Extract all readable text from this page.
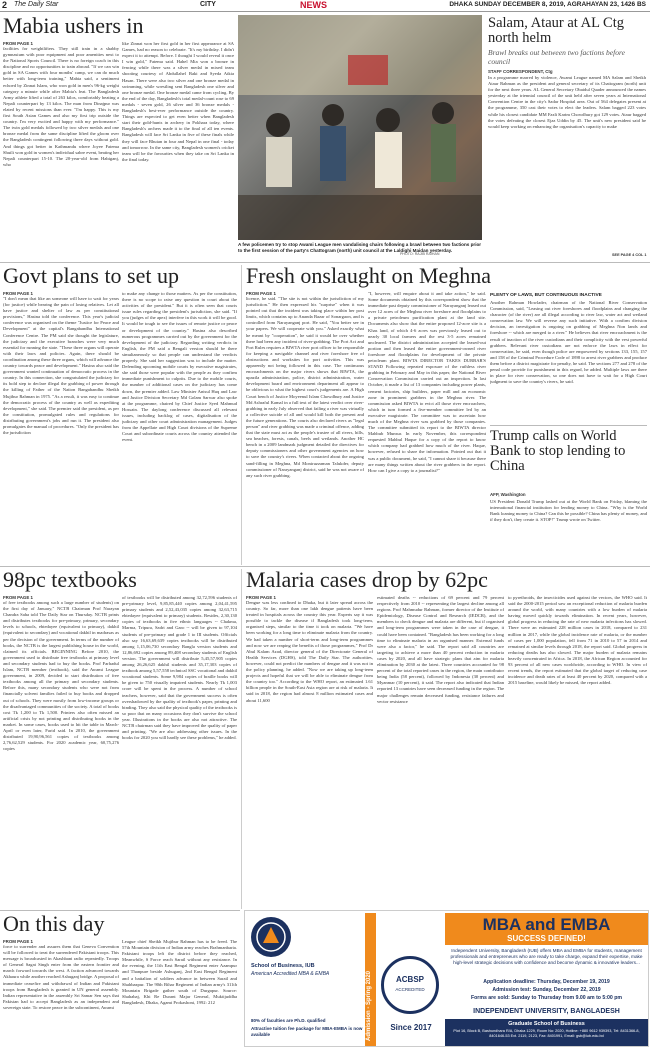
2 The Daily Star	CITY	NEWS	DHAKA SUNDAY DECEMBER 8, 2019, AGRAHAYAN 23, 1426 BS
Mabia ushers in
FROM PAGE 1
facilities for weightlifters. They still train in a shabby gymnasium with poor equipment and poor amenities next to the National Sports Council. There is no foreign coach in this discipline and no opportunities to train abroad. "If we can win gold in SA Games with four months' camp, we can do much better with long-term training," Mabia said, a sentiment echoed by Zinnat Islam, who won gold in men's 96-kg weight category a minute while after Mabia's feat. The Bangladesh Army athlete lifted a total of 263 kilos, comfortably beating a Nepali counterpart by 13 kilos. The man from Dinajpur was elated by recent missions than ever. "I'm happy. This is my first South Asian Games and also my first trip outside the country. I'm very excited and happy with my performance." The twin gold medals followed by two silver medals and one bronze medal from the same discipline lifted the gloom over the Bangladesh contingent following three days without gold. And things got better in Kathmandu where Joyee Fatema Shuili won gold in women's individual sabre event, beating her Nepali counterpart 15-10. The 20-year-old from Habiganj, who
like Zinnat won her first gold in her first appearance at SA Games, had no reason to celebrate. "It's my birthday. I didn't expect it to attempt. Before. I thought I would reveal it once I win gold," Fatema said. Hahel Mia won a bronze in fencing while there was a silver medal in mixed team shooting courtesy of Abdullahel Baki and Syeda Atkia Hasan. There were also two silver and one bronze medal in swimming, while wrestling sent Bangladesh one silver and one bronze medal. One bronze medal came from cycling. By the end of the day, Bangladesh's total medal-count rose to 69 medals - seven gold, 26 silver and 36 bronze medals - Bangladesh's best-ever performance outside the country. Things are expected to get even better when Bangladesh start their gold-hunts in archery in Pokhara today, where Bangladesh's archers made it to the final of all ten events. Bangladesh will face Sri Lanka in five of these finals while they will face Bhutan in four and Nepal in one final - today and tomorrow. In the same city, Bangladesh women's cricket team will be the favourites when they take on Sri Lanka in the final today.
A few policemen try to stop Awami League men vandalising chairs following a brawl between two factions prior to the first session of the party's Chattogram (north) unit council at the Laldighi Maidan yesterday.
PHOTO: RAJIB RAIHAN
Salam, Ataur at AL Ctg north helm
Brawl breaks out between two factions before council
STAFF CORRESPONDENT, Ctg
In a programme marred by violence, Awami League named MA Salam and Sheikh Ataur Rahman as the president and general secretary of its Chattogram (north) unit for the next three years. AL General Secretary Obaidul Quader announced the names yesterday at the triennial council of the unit held after seven years at International Convention Centre in the city's Sadar Hospital area. Out of 564 delegates present at the programme, 350 cast their votes to elect the leaders. Salam bagged 223 votes while his closest candidate MM Fazli Karim Chowdhury got 129 votes. Ataur bagged the votes defeating the closest Ejaz Uddin by 45. The unit's new president said he would keep working on enhancing the organisation's capacity to make
SEE PAGE 4 COL 1
Govt plans to set up
FROM PAGE 1
"I don't mean that like an someone will have to wait for years (for justice) while bearing the pain of losing relatives. Let all have justice and shelter of law as per constitutional provisions," Hasina told the conference. This year's judicial conference was organised on the theme "Justice for Peace and Development" at the capital's Bangabandhu International Conference Centre. The PM said she thought the legislature, the judiciary and the executive branches were very much essential for running the state. "These three organs will operate with their laws and policies. Again, there should be coordination among these three organs, which will advance the country towards peace and development." Hasina also said the government wanted continuation of democratic process in the country. In this connection, she congratulated the judiciary for its bold step to declare illegal the grabbing of power through the killing of Father of the Nation Bangabandhu Sheikh Mujibur Rahman in 1975. "As a result, it was easy to continue the democratic process of the country as well as expediting development," she said. The premier said the president, as per the constitution, promulgated rules and regulations for distributing government's jobs and run it. The president also promulgates the manual of procedures. "Only the president has the jurisdiction
to make any change to those matters. As per the constitution, there is no scope to raise any question in court about the activities of the president." But it is often seen that courts issue rules regarding the president's jurisdiction, she said. "If you (judges of the apex) interfere in this work it will be good. It would be tough to see the issues of remote justice or peace or development of the country." Hasina also described numerous programmes carried out by the government for the development of the judiciary. Regarding writing verdicts in English, the PM said a Bengali version should be there simultaneously so that people can understand the verdicts properly. She said her suggestion was to include the matter. Defending upcoming mobile courts by executive magistrates, she said those were popular with the people as they confirm immediate punishment to culprits. Due to the mobile courts, the number of additional cases on the judiciary has come down, the premier added. Law Minister Anisul Huq and Law and Justice Division Secretary Md Golam Sarwar also spoke at the programme, chaired by Chief Justice Syed Mahmud Hossain. The daylong conference discussed all relevant issues, including backlog of cases, digitalisation of the judiciary and other court administration management. Judges from the Appellate and High Court divisions of the Supreme Court and subordinate courts across the country attended the event.
Fresh onslaught on Meghna
FROM PAGE 1
licence, he said. "The site is not within the jurisdiction of my jurisdiction." He then expressed his "surprise" when it was pointed out that the incident was taking place within her post limits, which contains up to Ananda Bazar of Sonargaon, and is controlled from Narayanganj port. He said, "You better see in your papers. We will cooperate with you." Asked exactly what he meant by "cooperation", he said it would be over whether there had been any incident of river-grabbing. The Port Act and Port Rules requires a BIWTA river port officer to be responsible for keeping a navigable channel and river foreshore free of obstructions and worksites for port activities. This was apparently not being followed in this case. The continuous encroachments on the major rivers shows that BIWTA, the upazila administration, police, district administration, water development board and environment department all appear to be oblivious to what the highest court's judgements are. A High Court bench of Justice Moyeenul Islam Chowdhury and Justice Md Ashraful Kamal in a full text of the latest verdict over river-grabbing in early July observed that failing a river was virtually a collective suicide of all and would kill both the present and the future generations. The courts also declared rivers as "legal person" and river grabbing was made a criminal offence, adding that the state must act as the people's trustee of all rivers, hills, sea beaches, forests, canals, beels and wetlands. Another HC bench in a 2009 landmark judgment detailed the directives for deputy commissioners and other government agencies on how to save the country's rivers. When contacted about the ongoing sand-filling in Meghna, Md Moniruzzaman Talukder, deputy commissioner of Narayanganj district, said he was not aware of any such river grabbing.
"I, however, will enquire about it and take action," he said. Some documents obtained by this correspondent show that the immediate past deputy commissioner of Narayanganj leased out over 12 acres of the Meghna river foreshore and floodplains to a private petroleum purification plant at the land site. Documents also show that the entire proposed 12-acre site is a Khas land, of which 4-6 acres was previously leased out to nearly 30 local farmers and the rest 3-5 acres remained uncleared. The district administration accepted the leased-out portion and then leased the entire government-owned river foreshore and floodplains for development of the private petroleum plant. BIWTA DIRECTOR TAKES DURBAR'S STAND Following repeated exposure of the ruthless river grabbing in February and May in this paper, the National River Conservation Commission carried out an inspection. In last October, it made a list of 13 companies including power plants, cement factories, ship builders, paper mill and an economic zone in prominent grabbers in the Meghna river. The commission asked BIWTA to evict all those river encroachers, which in turn formed a five-member committee led by an executive magistrate. The committee was to ascertain how much of the Meghna river was grabbed by those companies. The committee submitted its report to the BIWTA director Mahbub Munsur. In early November, this correspondent requested Mahbul Haque for a copy of the report to know which company had grabbed how much of the river. Haque, however, refused to share the information. Pointed out that it was a public document, he said, "I cannot share it because there are many things written about the river grabbers in the report. How can I give a copy to a journalist?"
PLENTY OF LAWS, BUT CONTINUOUS INACTIVE
Another Rahman Howlader, chairman of the National River Conservation Commission, said, "Leasing out river foreshores and floodplains and changing the character (of the river) are all illegal according to river law, water act and wetland conservation law. We will reverse any such initiative. With a confirm division decision, an investigation is ongoing on grabbing of Meghna Non lands and foreshore -- which are merged to a river." He believes that river encroachment is the result of inaction of the river custodians and their complicity with the vest powerful grabbers. Relevant river custodians are not enforce the laws in effect for conservation, he said, even though police are empowered by sections 133, 155, 157 and 158 of the Criminal Procedure Code of 1898 to arrest river grabbers and produce them before a district magistrate for penalty, he said. The sections 277 and 278 of the penal code provide for punishment in this regard, he added. Multiple laws are there in place for river conservation, so one does not have to wait for a High Court judgment to save the country's rivers, he said.
Trump calls on World Bank to stop lending to China
AFP, Washington
US President Donald Trump lashed out at the World Bank on Friday, blaming the international financial institution for lending money to China. "Why is the World Bank loaning money to China? Can this be possible? China has plenty of money, and if they don't, they create it. STOP!" Trump wrote on Twitter.
98pc textbooks
FROM PAGE 1
of free textbooks among such a large number of students) on the first day of January," NCTB Chairman Prof Narayan Chandra Saha told The Daily Star on Thursday. NCTB prints and distributes textbooks for pre-primary, primary, secondary levels to schools, ebtedayee (equivalent to primary), dakhil (equivalent to secondary) and vocational dakhil in madrasas as per the decision of the government. In terms of the number of books, the NCTB is the largest publishing house in the world, claimed its officials. BEGINNING Before 2010, the government used to distribute free textbooks at primary level and secondary students had to buy the books. Prof Farhadul Islam, NCTB member (textbook), said the Awami League government, in 2009, decided to start distribution of free textbooks among all the primary and secondary students. Before this, many secondary students who were not from financially solvent families failed to buy books and dropped out of schools. They were mostly from low-income groups or the disadvantaged communities of the society. A total of books cost Tk 1,200 to Tk 1,500. Printers also often missed an artificial crisis by not printing and distributing books in the market. In some cases, books used to hit the table in March-April or even later, Farid said. In 2010, the government distributed 19,90,96,561 copies of textbooks among 2,76,62,529 students. For 2020 academic year, 60,75,276 copies
of textbooks will be distributed among 32,72,596 students of pre-primary level, 9,85,85,440 copies among 2,04,41,595 primary students and 2,52,43,035 copies among 32,63,715 ebtedayee (equivalent to primary) students. Besides, 2,30,130 copies of textbooks in five ethnic languages -- Chakma, Marma, Tripura, Sadri and Garo -- will be given to 97,104 students of pre-primary and grade 1 to III students. Officials also say 16,63,69,639 copies textbooks will be distributed among 1,15,06,730 secondary Bangla version students and 12,86,692 copies among 89,408 secondary students of English version. The government will distribute 5,45,57,905 copies among 26,26,625 dakhil students and 35,17,303 copies of textbook among 5,57,558 technical SSC vocational and dakhil vocational students. Some 9,984 copies of braille books will be given to 750 visually impaired students. Nearly Tk 1,003 crore will be spent in the process. A number of school teachers, however, said that the government success is often overshadowed by the quality of textbook's paper, printing and binding. They also said the physical quality of the textbooks is so poor that on many occasions they don't survive the school year. Illustrations in the books are also not attractive. The NCTB chairman said they have improved the quality of paper and printing. "We are also addressing other issues. In the books for 2020 you will hardly see these problems," he added.
Malaria cases drop by 62pc
FROM PAGE 1
Dengue was less confined to Dhaka, but it later spread across the country. So far, more than one lakh dengue patients have been treated in hospitals across the country this year. Experts say it was possible to tackle the disease if Bangladesh took long-term, organised steps, similar to the time it took on malaria. "We have been working for a long time to eliminate malaria from the country. We had taken a number of short-term and long-term programmes and now we are reaping the benefits of those programmes," Prof Dr Abul Kalam Azad, director general of the Directorate General of Health Services (DGHS), told The Daily Star. The authorities, however, could not predict the numbers of dengue and it was not in the policy planning, he added. "Now we are taking up long-term projects and hopeful that we will be able to eliminate dengue from the country too." According to the WHO report, an estimated 1.61 billion people in the South-East Asia region are at risk of malaria. It said in 2018, the region had almost 8 million estimated cases and about 11,600
estimated deaths -- reductions of 69 percent and 79 percent respectively from 2010 -- representing the largest decline among all regions. Prof Mahmudur Rahman, former director of the Institute of Epidemiology, Disease Control and Research (IEDCR), and the members to check dengue and malaria are different, but if organised and long-term programmes were taken in the case of dengue, it could have been contained. "Bangladesh has been working for a long time to eliminate malaria in an organised manner. External funds were also a factor," he said. The report said all countries are targeting to achieve a more than 40 percent reduction in malaria cases by 2020, and all have strategic plans that aim for malaria elimination by 2030 at the latest. Three countries accounted for 98 percent of the total reported cases in the region, the main contributor being India (58 percent), followed by Indonesia (30 percent) and Myanmar (10 percent), it said. The report also indicated that Indian reported 13 countries have seen decreased funding in the region. The major challenges remain decreased funding, resistance failures and vector resistance
to pyrethroids, the insecticides used against the vectors, the WHO said. It said the 2000-2015 period saw an exceptional reduction of malaria burden around the world, with many countries with a low burden of malaria having moved quickly towards elimination. In recent years, however, global progress in reducing the rate of new malaria infections has slowed. There were an estimated 228 million cases in 2018, compared to 231 million in 2017, while the global incidence rate of malaria, or the number of cases per 1,000 population, fell from 71 in 2010 to 57 in 2014 and remained at similar levels through 2018, the report said. Global progress in reducing deaths has also slowed. The major burden of malaria remains heavily concentrated in Africa. In 2018, the African Region accounted for 93 percent of all new cases worldwide, according to WHO. In view of recent trends, the report estimated that the global target of reducing case incidence and death rates of at least 40 percent by 2020, compared with a 2015 baseline, would likely be missed, the report added.
On this day
FROM PAGE 1
force to surrender and assures them that Geneva Convention will be followed to treat the surrendered Pakistani troops. This message is broadcasted in Akashbani radio repeatedly. Troops of General Sagat Singh enter from the eastern frontier and march forward towards the west. A faction advanced towards Akhaura while another reached Ashuganj bridge. A proposal of immediate ceasefire and withdrawal of Indian and Pakistani troops from Bangladesh is granted in UN general assembly. Indian representative in the assembly Sri Samar Sen says that Pakistan had to accept Bangladesh as an independent and sovereign state. To restore peace in the subcontinent, Awami
League chief Sheikh Mujibur Rahman has to be freed. The 57th Mountain division of Indian army reaches Brahmanbaria. Pakistani troops left the district before they reached, Meanwhile, S Force reach Sarail without any resistance. In the evening, the 11th East Bengal Regiment enter Azampur and Thanpure beside Ashuganj, 2nd East Bengal Regiment and a battalion of soldiers advance in between Sarail and Shahbazpur. The 90th Bihar Regiment of Indian army's 311th Mountain Brigade gather south of Durgapur. Source: Shahabaj, Khi Re Durant Majar General, Muktijuddha Bangladesh, Dhaka, Agami Prokashoni, 1992: 212
School of Business, IUB
American Accredited MBA & EMBA
80% of faculties are Ph.D. qualified
Attractive tuition fee package for MBA-EMBA is now available	Admission - Spring 2020	ACBSP
ACCREDITED
Since 2017
MBA and EMBA
SUCCESS DEFINED!
Independent University, Bangladesh (IUB) offers MBA and EMBA for students, management professionals and entrepreneurs who are ready to take charge, expand their expertise, make high-level strategic decisions with confidence and become dynamic & innovative leaders...
Application deadline: Thursday, December 19, 2019
Admission test: Sunday, December 22, 2019
Forms are sold: Sunday to Thursday from 9.00 am to 5:00 pm
INDEPENDENT UNIVERSITY, BANGLADESH
Graduate School of Business
Plot 16, Block B, Bashundhara R/A, Dhaka 1229, Room No: 2020, Hotline: +880 9612 939393, Tel: 8431366-8, 8401646-53 Ext. 2119, 2123, Fax: 8401991, Email: gsb@iub.edu.bd
